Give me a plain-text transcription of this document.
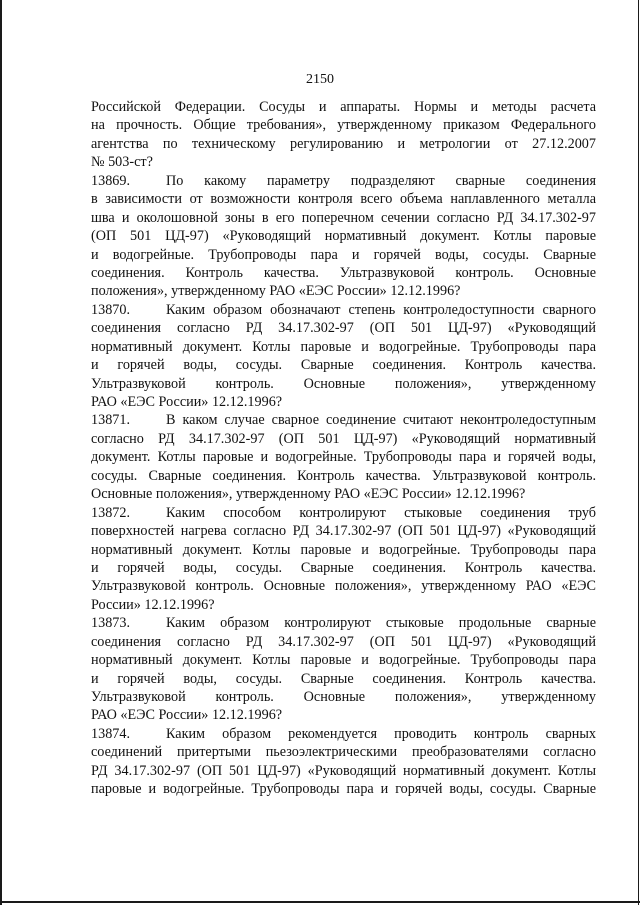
2150
Российской Федерации. Сосуды и аппараты. Нормы и методы расчета
на прочность. Общие требования», утвержденному приказом Федерального
агентства по техническому регулированию и метрологии от 27.12.2007
№ 503-ст?
13869.	По какому параметру подразделяют сварные соединения
в зависимости от возможности контроля всего объема наплавленного металла
шва и околошовной зоны в его поперечном сечении согласно РД 34.17.302-97
(ОП 501 ЦД-97) «Руководящий нормативный документ. Котлы паровые
и водогрейные. Трубопроводы пара и горячей воды, сосуды. Сварные
соединения. Контроль качества. Ультразвуковой контроль. Основные
положения», утвержденному РАО «ЕЭС России» 12.12.1996?
13870.	Каким образом обозначают степень контроледоступности сварного
соединения согласно РД 34.17.302-97 (ОП 501 ЦД-97) «Руководящий
нормативный документ. Котлы паровые и водогрейные. Трубопроводы пара
и горячей воды, сосуды. Сварные соединения. Контроль качества.
Ультразвуковой контроль. Основные положения», утвержденному
РАО «ЕЭС России» 12.12.1996?
13871.	В каком случае сварное соединение считают неконтроледоступным
согласно РД 34.17.302-97 (ОП 501 ЦД-97) «Руководящий нормативный
документ. Котлы паровые и водогрейные. Трубопроводы пара и горячей воды,
сосуды. Сварные соединения. Контроль качества. Ультразвуковой контроль.
Основные положения», утвержденному РАО «ЕЭС России» 12.12.1996?
13872.	Каким способом контролируют стыковые соединения труб
поверхностей нагрева согласно РД 34.17.302-97 (ОП 501 ЦД-97) «Руководящий
нормативный документ. Котлы паровые и водогрейные. Трубопроводы пара
и горячей воды, сосуды. Сварные соединения. Контроль качества.
Ультразвуковой контроль. Основные положения», утвержденному РАО «ЕЭС
России» 12.12.1996?
13873.	Каким образом контролируют стыковые продольные сварные
соединения согласно РД 34.17.302-97 (ОП 501 ЦД-97) «Руководящий
нормативный документ. Котлы паровые и водогрейные. Трубопроводы пара
и горячей воды, сосуды. Сварные соединения. Контроль качества.
Ультразвуковой контроль. Основные положения», утвержденному
РАО «ЕЭС России» 12.12.1996?
13874.	Каким образом рекомендуется проводить контроль сварных
соединений притертыми пьезоэлектрическими преобразователями согласно
РД 34.17.302-97 (ОП 501 ЦД-97) «Руководящий нормативный документ. Котлы
паровые и водогрейные. Трубопроводы пара и горячей воды, сосуды. Сварные
